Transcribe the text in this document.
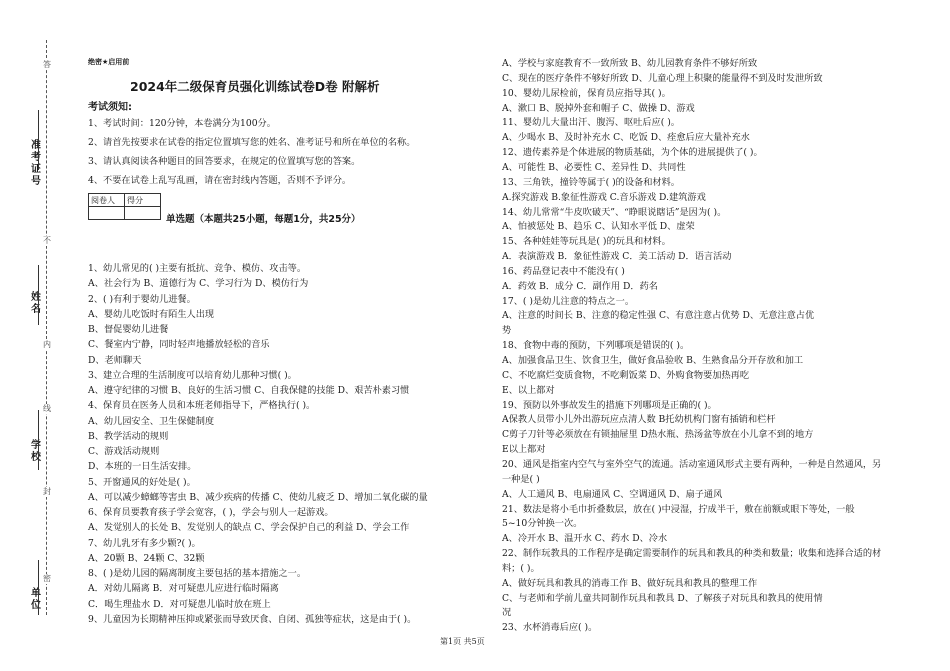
准考证号
姓名
学校
单位
答
不
内
线
封
密
绝密★启用前
2024年二级保育员强化训练试卷D卷 附解析
考试须知:
1、考试时间：120分钟，本卷满分为100分。
2、请首先按要求在试卷的指定位置填写您的姓名、准考证号和所在单位的名称。
3、请认真阅读各种题目的回答要求，在规定的位置填写您的答案。
4、不要在试卷上乱写乱画，请在密封线内答题，否则不予评分。
阅卷人	得分

单选题（本题共25小题，每题1分，共25分）
1、幼儿常见的( )主要有抵抗、竞争、模仿、攻击等。
A、社会行为 B、道德行为 C、学习行为 D、模仿行为
2、( )有利于婴幼儿进餐。
A、婴幼儿吃饭时有陌生人出现
B、督促婴幼儿进餐
C、餐室内宁静，同时轻声地播放轻松的音乐
D、老师聊天
3、建立合理的生活制度可以培育幼儿那种习惯( )。
A、遵守纪律的习惯 B、良好的生活习惯 C、自我保健的技能 D、艰苦朴素习惯
4、保育员在医务人员和本班老师指导下，严格执行( )。
A、幼儿园安全、卫生保健制度
B、教学活动的规则
C、游戏活动规则
D、本班的一日生活安排。
5、开窗通风的好处是( )。
A、可以减少蟑螂等害虫 B、减少疾病的传播 C、使幼儿疲乏 D、增加二氧化碳的量
6、保育员要教育孩子学会宽容，( )，学会与别人一起游戏。
A、发觉别人的长处 B、发觉别人的缺点 C、学会保护自己的利益 D、学会工作
7、幼儿乳牙有多少颗?( )。
A、20颗 B、24颗 C、32颗
8、( )是幼儿园的隔离制度主要包括的基本措施之一。
A．对幼儿隔离 B．对可疑患儿应进行临时隔离
C．喝生理盐水 D．对可疑患儿临时放在班上
9、儿童因为长期精神压抑或紧张而导致厌食、自闭、孤独等症状，这是由于( )。
A、学校与家庭教育不一致所致 B、幼儿园教育条件不够好所致
C、现在的医疗条件不够好所致 D、儿童心理上积聚的能量得不到及时发泄所致
10、婴幼儿尿检前，保育员应指导其( )。
A、漱口 B、脱掉外套和帽子 C、做操 D、游戏
11、婴幼儿大量出汗、腹泻、呕吐后应( )。
A、少喝水 B、及时补充水 C、吃饭 D、痊愈后应大量补充水
12、遗传素养是个体进展的物质基础，为个体的进展提供了( )。
A、可能性 B、必要性 C、差异性 D、共同性
13、三角铁，撞铃等属于( )的设备和材料。
A.探究游戏 B.象征性游戏 C.音乐游戏 D.建筑游戏
14、幼儿常常“牛皮吹破天”、“睁眼说瞎话”是因为( )。
A、怕被惩处 B、趋乐 C、认知水平低 D、虚荣
15、各种娃娃等玩具是( )的玩具和材料。
A．表演游戏 B．象征性游戏 C．美工活动 D．语言活动
16、药品登记表中不能没有( )
A．药效 B．成分 C．副作用 D．药名
17、( )是幼儿注意的特点之一。
A、注意的时间长 B、注意的稳定性强 C、有意注意占优势 D、无意注意占优
势
18、食物中毒的预防，下列哪项是错误的( )。
A、加强食品卫生、饮食卫生，做好食品验收 B、生熟食品分开存放和加工
C、不吃腐烂变质食物，不吃剩饭菜 D、外购食物要加热再吃
E、以上都对
19、预防以外事故发生的措施下列哪项是正确的( )。
A保教人员带小儿外出游玩应点清人数 B托幼机构门窗有插销和栏杆
C剪子刀针等必须放在有锁抽屉里 D热水瓶、热汤盆等放在小儿拿不到的地方
E以上都对
20、通风是指室内空气与室外空气的流通。活动室通风形式主要有两种，一种是自然通风，另
一种是( )
A、人工通风 B、电扇通风 C、空调通风 D、扇子通风
21、数法是将小毛巾折叠数层，放在( )中浸湿，拧成半干，敷在前额或眼下等处，一般
5~10分钟换一次。
A、冷开水 B、温开水 C、药水 D、冷水
22、制作玩教具的工作程序是确定需要制作的玩具和教具的种类和数量；收集和选择合适的材
料；( )。
A、做好玩具和教具的消毒工作 B、做好玩具和教具的整理工作
C、与老师和学前儿童共同制作玩具和教具 D、了解孩子对玩具和教具的使用情
况
23、水杯消毒后应( )。
第1页 共5页
